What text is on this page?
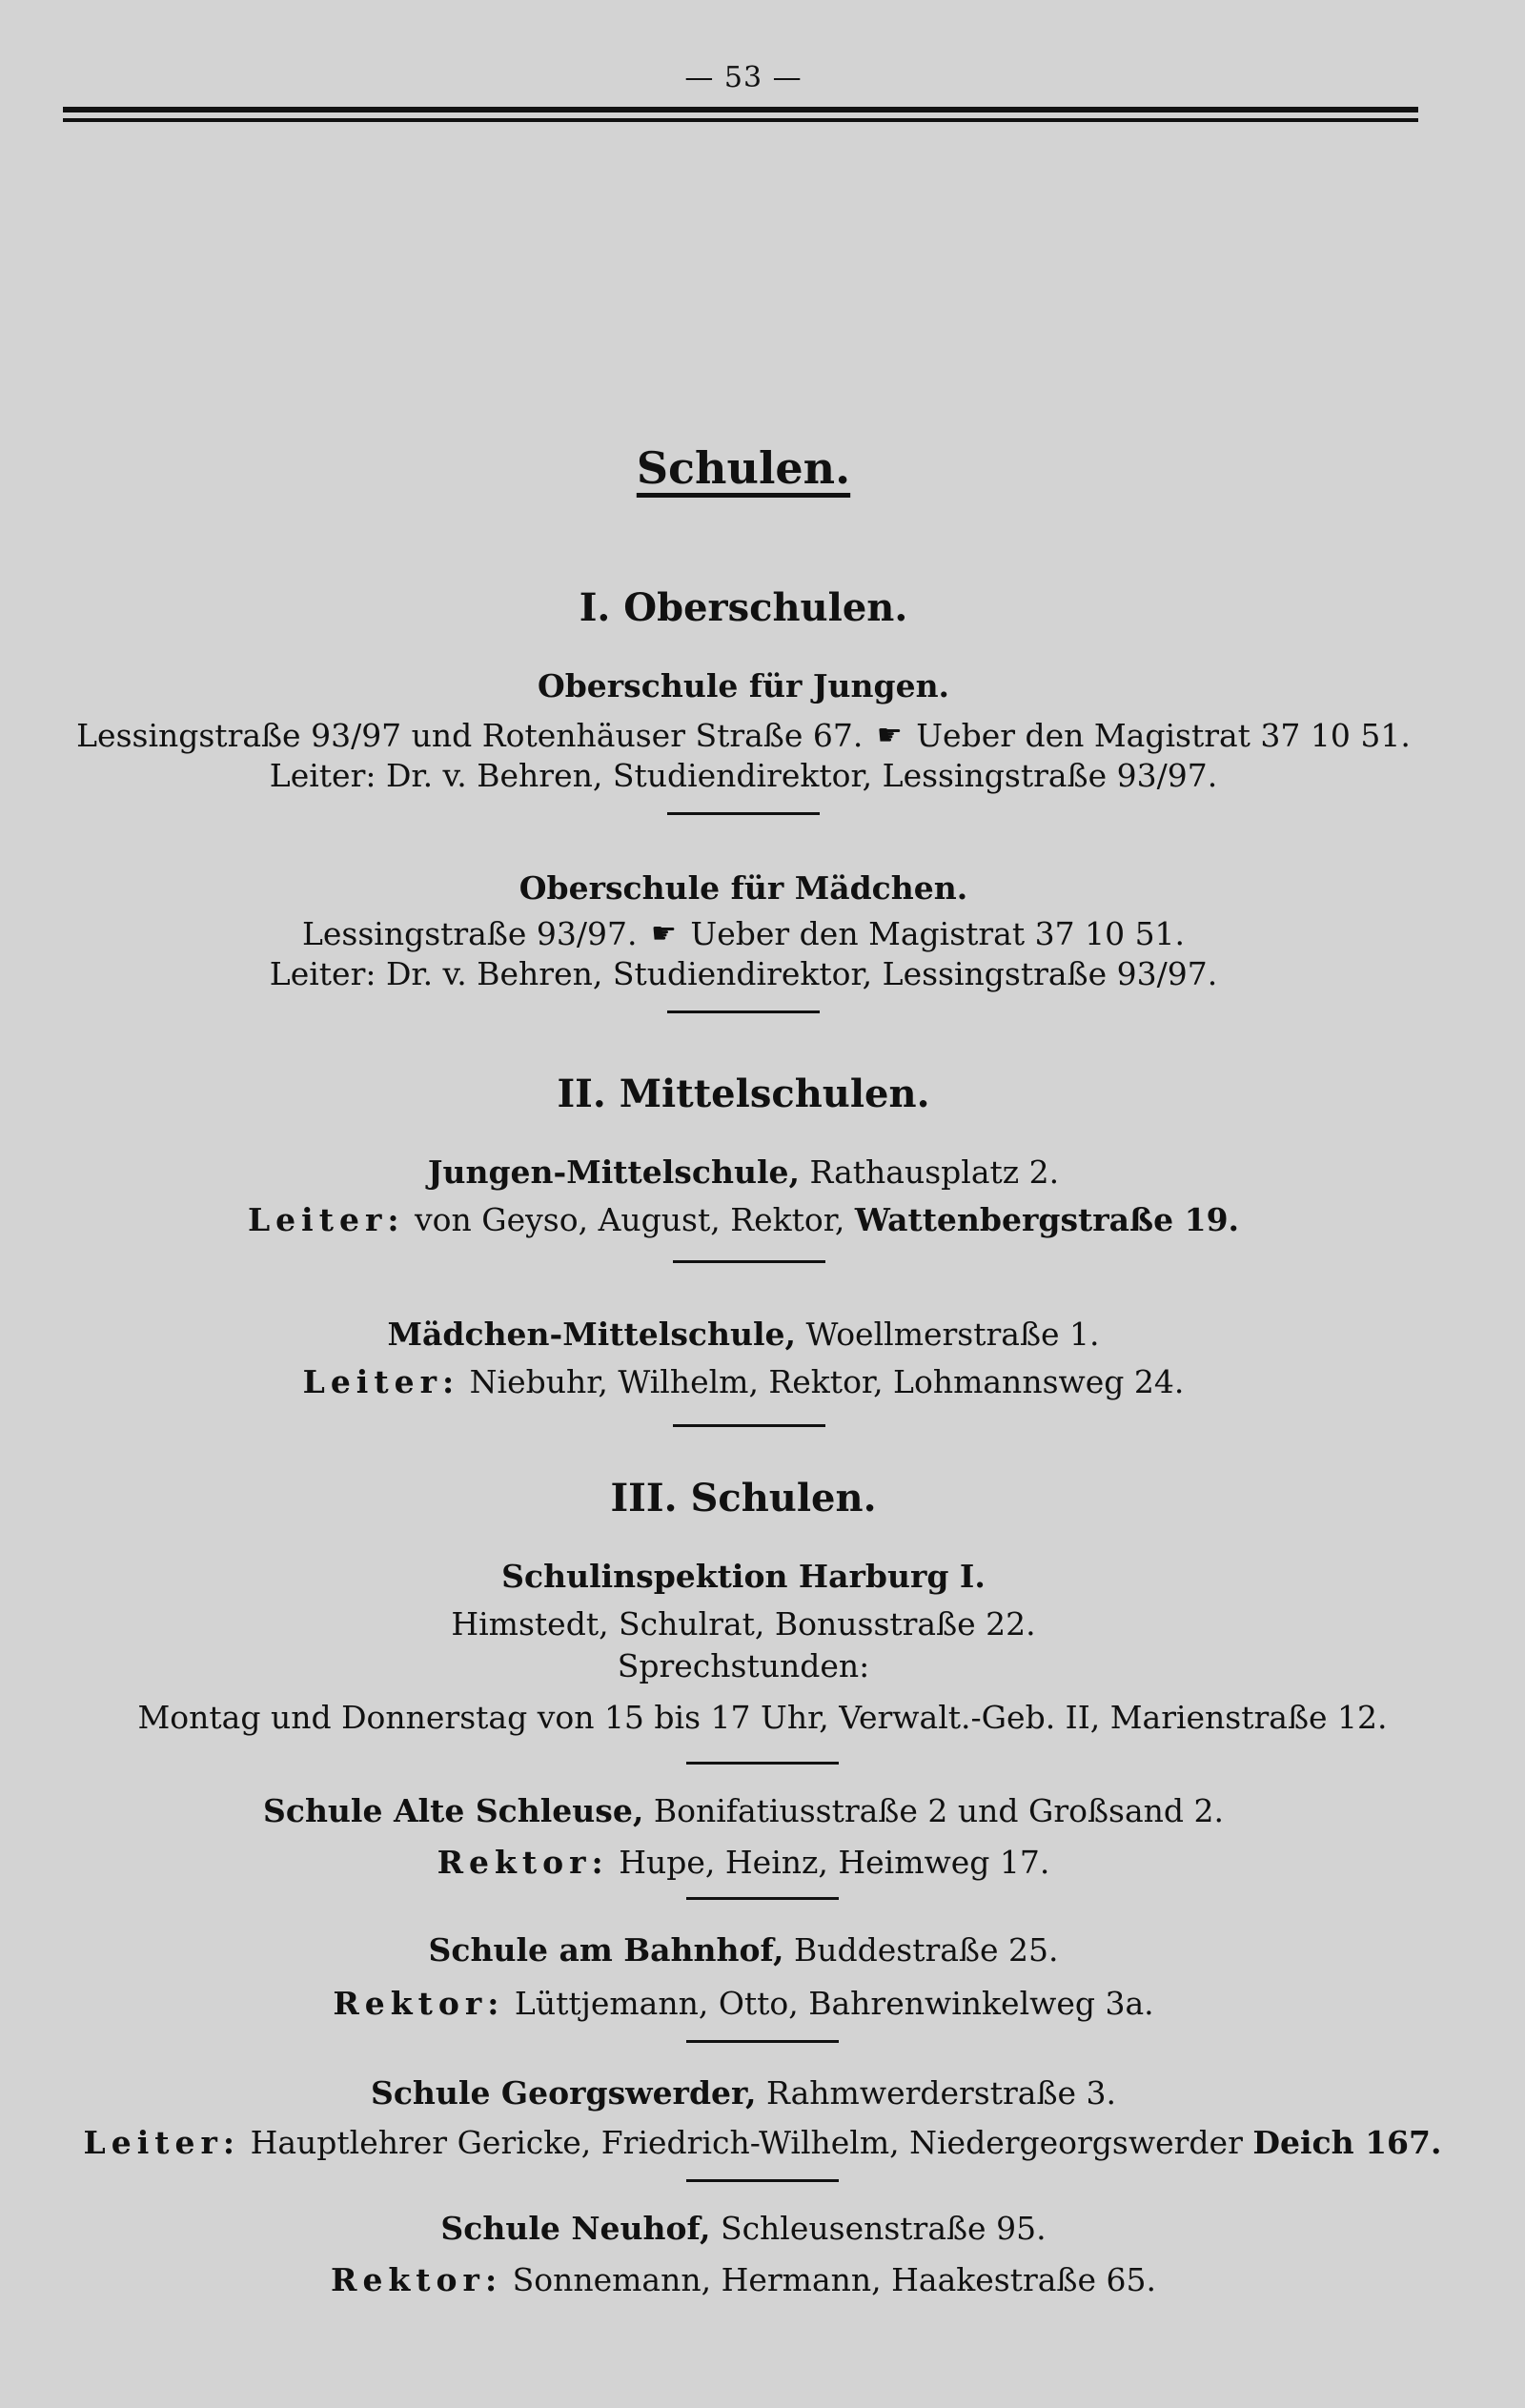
— 53 —
Schulen.
I. Oberschulen.
Oberschule für Jungen.
Lessingstraße 93/97 und Rotenhäuser Straße 67. ☛ Ueber den Magistrat 37 10 51.
Leiter: Dr. v. Behren, Studiendirektor, Lessingstraße 93/97.
Oberschule für Mädchen.
Lessingstraße 93/97. ☛ Ueber den Magistrat 37 10 51.
Leiter: Dr. v. Behren, Studiendirektor, Lessingstraße 93/97.
II. Mittelschulen.
Jungen-Mittelschule, Rathausplatz 2.
Leiter: von Geyso, August, Rektor, Wattenbergstraße 19.
Mädchen-Mittelschule, Woellmerstraße 1.
Leiter: Niebuhr, Wilhelm, Rektor, Lohmannsweg 24.
III. Schulen.
Schulinspektion Harburg I.
Himstedt, Schulrat, Bonusstraße 22.
Sprechstunden:
Montag und Donnerstag von 15 bis 17 Uhr, Verwalt.-Geb. II, Marienstraße 12.
Schule Alte Schleuse, Bonifatiusstraße 2 und Großsand 2.
Rektor: Hupe, Heinz, Heimweg 17.
Schule am Bahnhof, Buddestraße 25.
Rektor: Lüttjemann, Otto, Bahrenwinkelweg 3a.
Schule Georgswerder, Rahmwerderstraße 3.
Leiter: Hauptlehrer Gericke, Friedrich-Wilhelm, Niedergeorgswerder Deich 167.
Schule Neuhof, Schleusenstraße 95.
Rektor: Sonnemann, Hermann, Haakestraße 65.
